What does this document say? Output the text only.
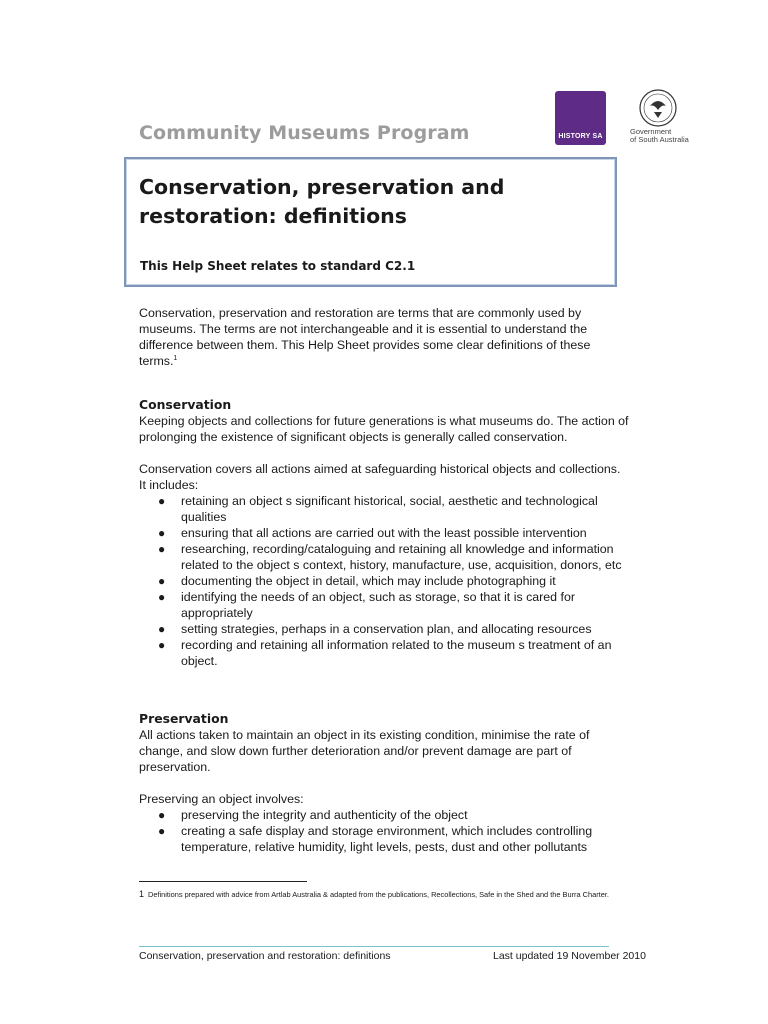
Community Museums Program	HISTORY SA
Government
of South Australia
Conservation, preservation and restoration: definitions
This Help Sheet relates to standard C2.1

Conservation, preservation and restoration are terms that are commonly used by museums. The terms are not interchangeable and it is essential to understand the difference between them. This Help Sheet provides some clear definitions of these terms.$^1$

Conservation

Keeping objects and collections for future generations is what museums do. The action of prolonging the existence of significant objects is generally called conservation.

Conservation covers all actions aimed at safeguarding historical objects and collections. It includes:

● retaining an object s significant historical, social, aesthetic and technological qualities
● ensuring that all actions are carried out with the least possible intervention
● researching, recording/cataloguing and retaining all knowledge and information related to the object s context, history, manufacture, use, acquisition, donors, etc
● documenting the object in detail, which may include photographing it
● identifying the needs of an object, such as storage, so that it is cared for appropriately
● setting strategies, perhaps in a conservation plan, and allocating resources
● recording and retaining all information related to the museum s treatment of an object.
Preservation

All actions taken to maintain an object in its existing condition, minimise the rate of change, and slow down further deterioration and/or prevent damage are part of preservation.

Preserving an object involves:

● preserving the integrity and authenticity of the object
● creating a safe display and storage environment, which includes controlling temperature, relative humidity, light levels, pests, dust and other pollutants
1 Definitions prepared with advice from Artlab Australia & adapted from the publications, Recollections, Safe in the Shed and the Burra Charter.
Conservation, preservation and restoration: definitions	Last updated 19 November 2010
